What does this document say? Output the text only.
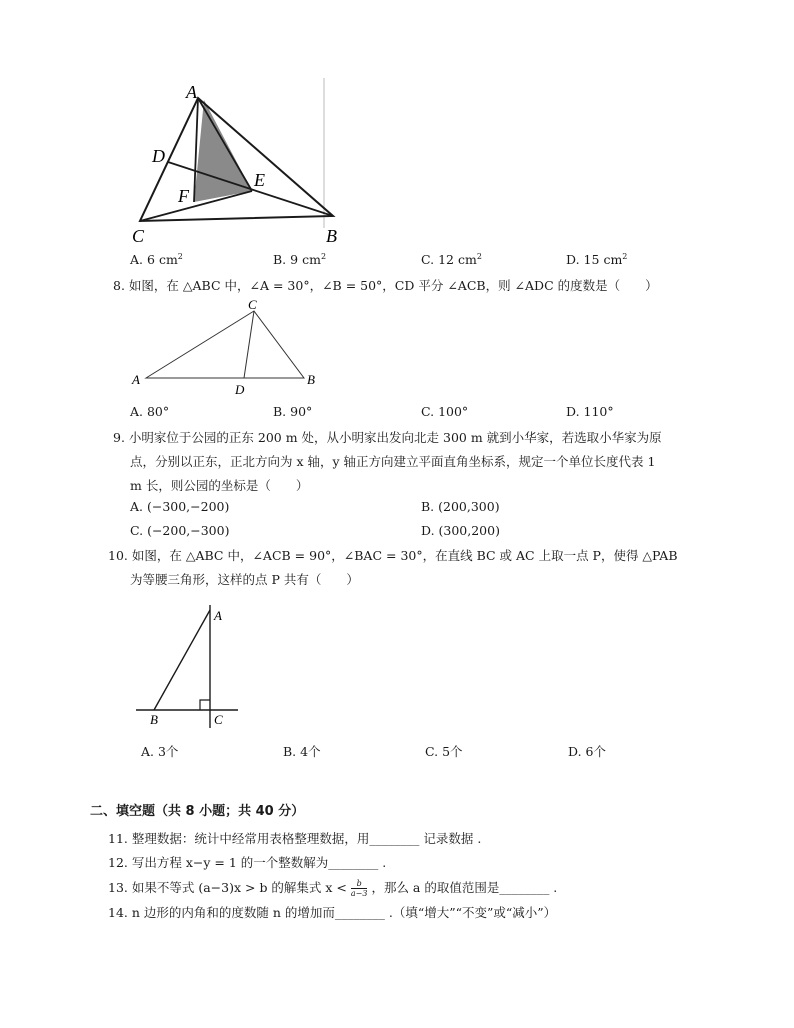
A
D
E
F
C	B
A. 6 $cm^2$	B. 9 $cm^2$	C. 12 $cm^2$	D. 15 $cm^2$
8. 如图，在 △ABC 中，∠A = 30°，∠B = 50°，CD 平分 ∠ACB，则 ∠ADC 的度数是（　　）
C
A	B
D
A. 80°	B. 90°	C. 100°	D. 110°
9. 小明家位于公园的正东 200 m 处，从小明家出发向北走 300 m 就到小华家，若选取小华家为原
点，分别以正东，正北方向为 x 轴，y 轴正方向建立平面直角坐标系，规定一个单位长度代表 1
m 长，则公园的坐标是（　　）
A. (−300,−200)	B. (200,300)
C. (−200,−300)	D. (300,200)
10. 如图，在 △ABC 中，∠ACB = 90°，∠BAC = 30°，在直线 BC 或 AC 上取一点 P，使得 △PAB
为等腰三角形，这样的点 P 共有（　　）
A
B	C
A. 3个	B. 4个	C. 5个	D. 6个
二、填空题（共 8 小题；共 40 分）
11. 整理数据：统计中经常用表格整理数据，用________ 记录数据 .
12. 写出方程 x−y = 1 的一个整数解为________ .
13. 如果不等式 (a−3)x > b 的解集式 $x < \frac{b}{a-3}$ ，那么 a 的取值范围是________ .
14. n 边形的内角和的度数随 n 的增加而________ .（填“增大”“不变”或“减小”）
